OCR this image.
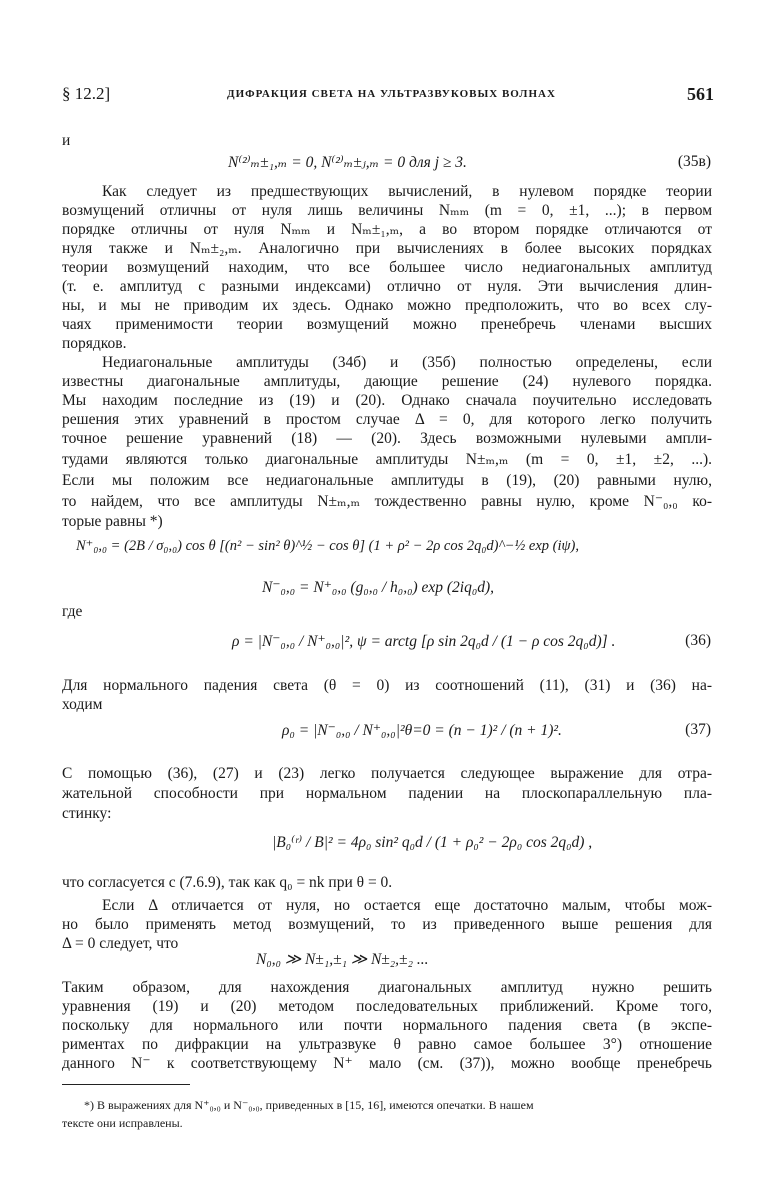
§ 12.2]	ДИФРАКЦИЯ СВЕТА НА УЛЬТРАЗВУКОВЫХ ВОЛНАХ	561
и
N⁽²⁾ₘ±₁,ₘ = 0, N⁽²⁾ₘ±ⱼ,ₘ = 0 для j ≥ 3.	(35в)
Как следует из предшествующих вычислений, в нулевом порядке теории
возмущений отличны от нуля лишь величины Nₘₘ (m = 0, ±1, ...); в первом
порядке отличны от нуля Nₘₘ и Nₘ±₁,ₘ, а во втором порядке отличаются от
нуля также и Nₘ±₂,ₘ. Аналогично при вычислениях в более высоких порядках
теории возмущений находим, что все большее число недиагональных амплитуд
(т. е. амплитуд с разными индексами) отлично от нуля. Эти вычисления длин-
ны, и мы не приводим их здесь. Однако можно предположить, что во всех слу-
чаях применимости теории возмущений можно пренебречь членами высших
порядков.
Недиагональные амплитуды (34б) и (35б) полностью определены, если
известны диагональные амплитуды, дающие решение (24) нулевого порядка.
Мы находим последние из (19) и (20). Однако сначала поучительно исследовать
решения этих уравнений в простом случае Δ = 0, для которого легко получить
точное решение уравнений (18) — (20). Здесь возможными нулевыми ампли-
тудами являются только диагональные амплитуды N±ₘ,ₘ (m = 0, ±1, ±2, ...).
Если мы положим все недиагональные амплитуды в (19), (20) равными нулю,
то найдем, что все амплитуды N±ₘ,ₘ тождественно равны нулю, кроме N⁻₀,₀ ко-
торые равны *)
N⁺₀,₀ = (2B / σ₀,₀) cos θ [(n² − sin² θ)^½ − cos θ] (1 + ρ² − 2ρ cos 2q₀d)^−½ exp (iψ),
N⁻₀,₀ = N⁺₀,₀ (g₀,₀ / h₀,₀) exp (2iq₀d),
где
ρ = |N⁻₀,₀ / N⁺₀,₀|², ψ = arctg [ρ sin 2q₀d / (1 − ρ cos 2q₀d)] .	(36)
Для нормального падения света (θ = 0) из соотношений (11), (31) и (36) на-
ходим
ρ₀ = |N⁻₀,₀ / N⁺₀,₀|²θ=0 = (n − 1)² / (n + 1)².	(37)
С помощью (36), (27) и (23) легко получается следующее выражение для отра-
жательной способности при нормальном падении на плоскопараллельную пла-
стинку:
|B₀⁽ʳ⁾ / B|² = 4ρ₀ sin² q₀d / (1 + ρ₀² − 2ρ₀ cos 2q₀d) ,
что согласуется с (7.6.9), так как q₀ = nk при θ = 0.
Если Δ отличается от нуля, но остается еще достаточно малым, чтобы мож-
но было применять метод возмущений, то из приведенного выше решения для
Δ = 0 следует, что
N₀,₀ ≫ N±₁,±₁ ≫ N±₂,±₂ ...
Таким образом, для нахождения диагональных амплитуд нужно решить
уравнения (19) и (20) методом последовательных приближений. Кроме того,
поскольку для нормального или почти нормального падения света (в экспе-
риментах по дифракции на ультразвуке θ равно самое большее 3°) отношение
данного N⁻ к соответствующему N⁺ мало (см. (37)), можно вообще пренебречь
*) В выражениях для N⁺₀,₀ и N⁻₀,₀, приведенных в [15, 16], имеются опечатки. В нашем
тексте они исправлены.
